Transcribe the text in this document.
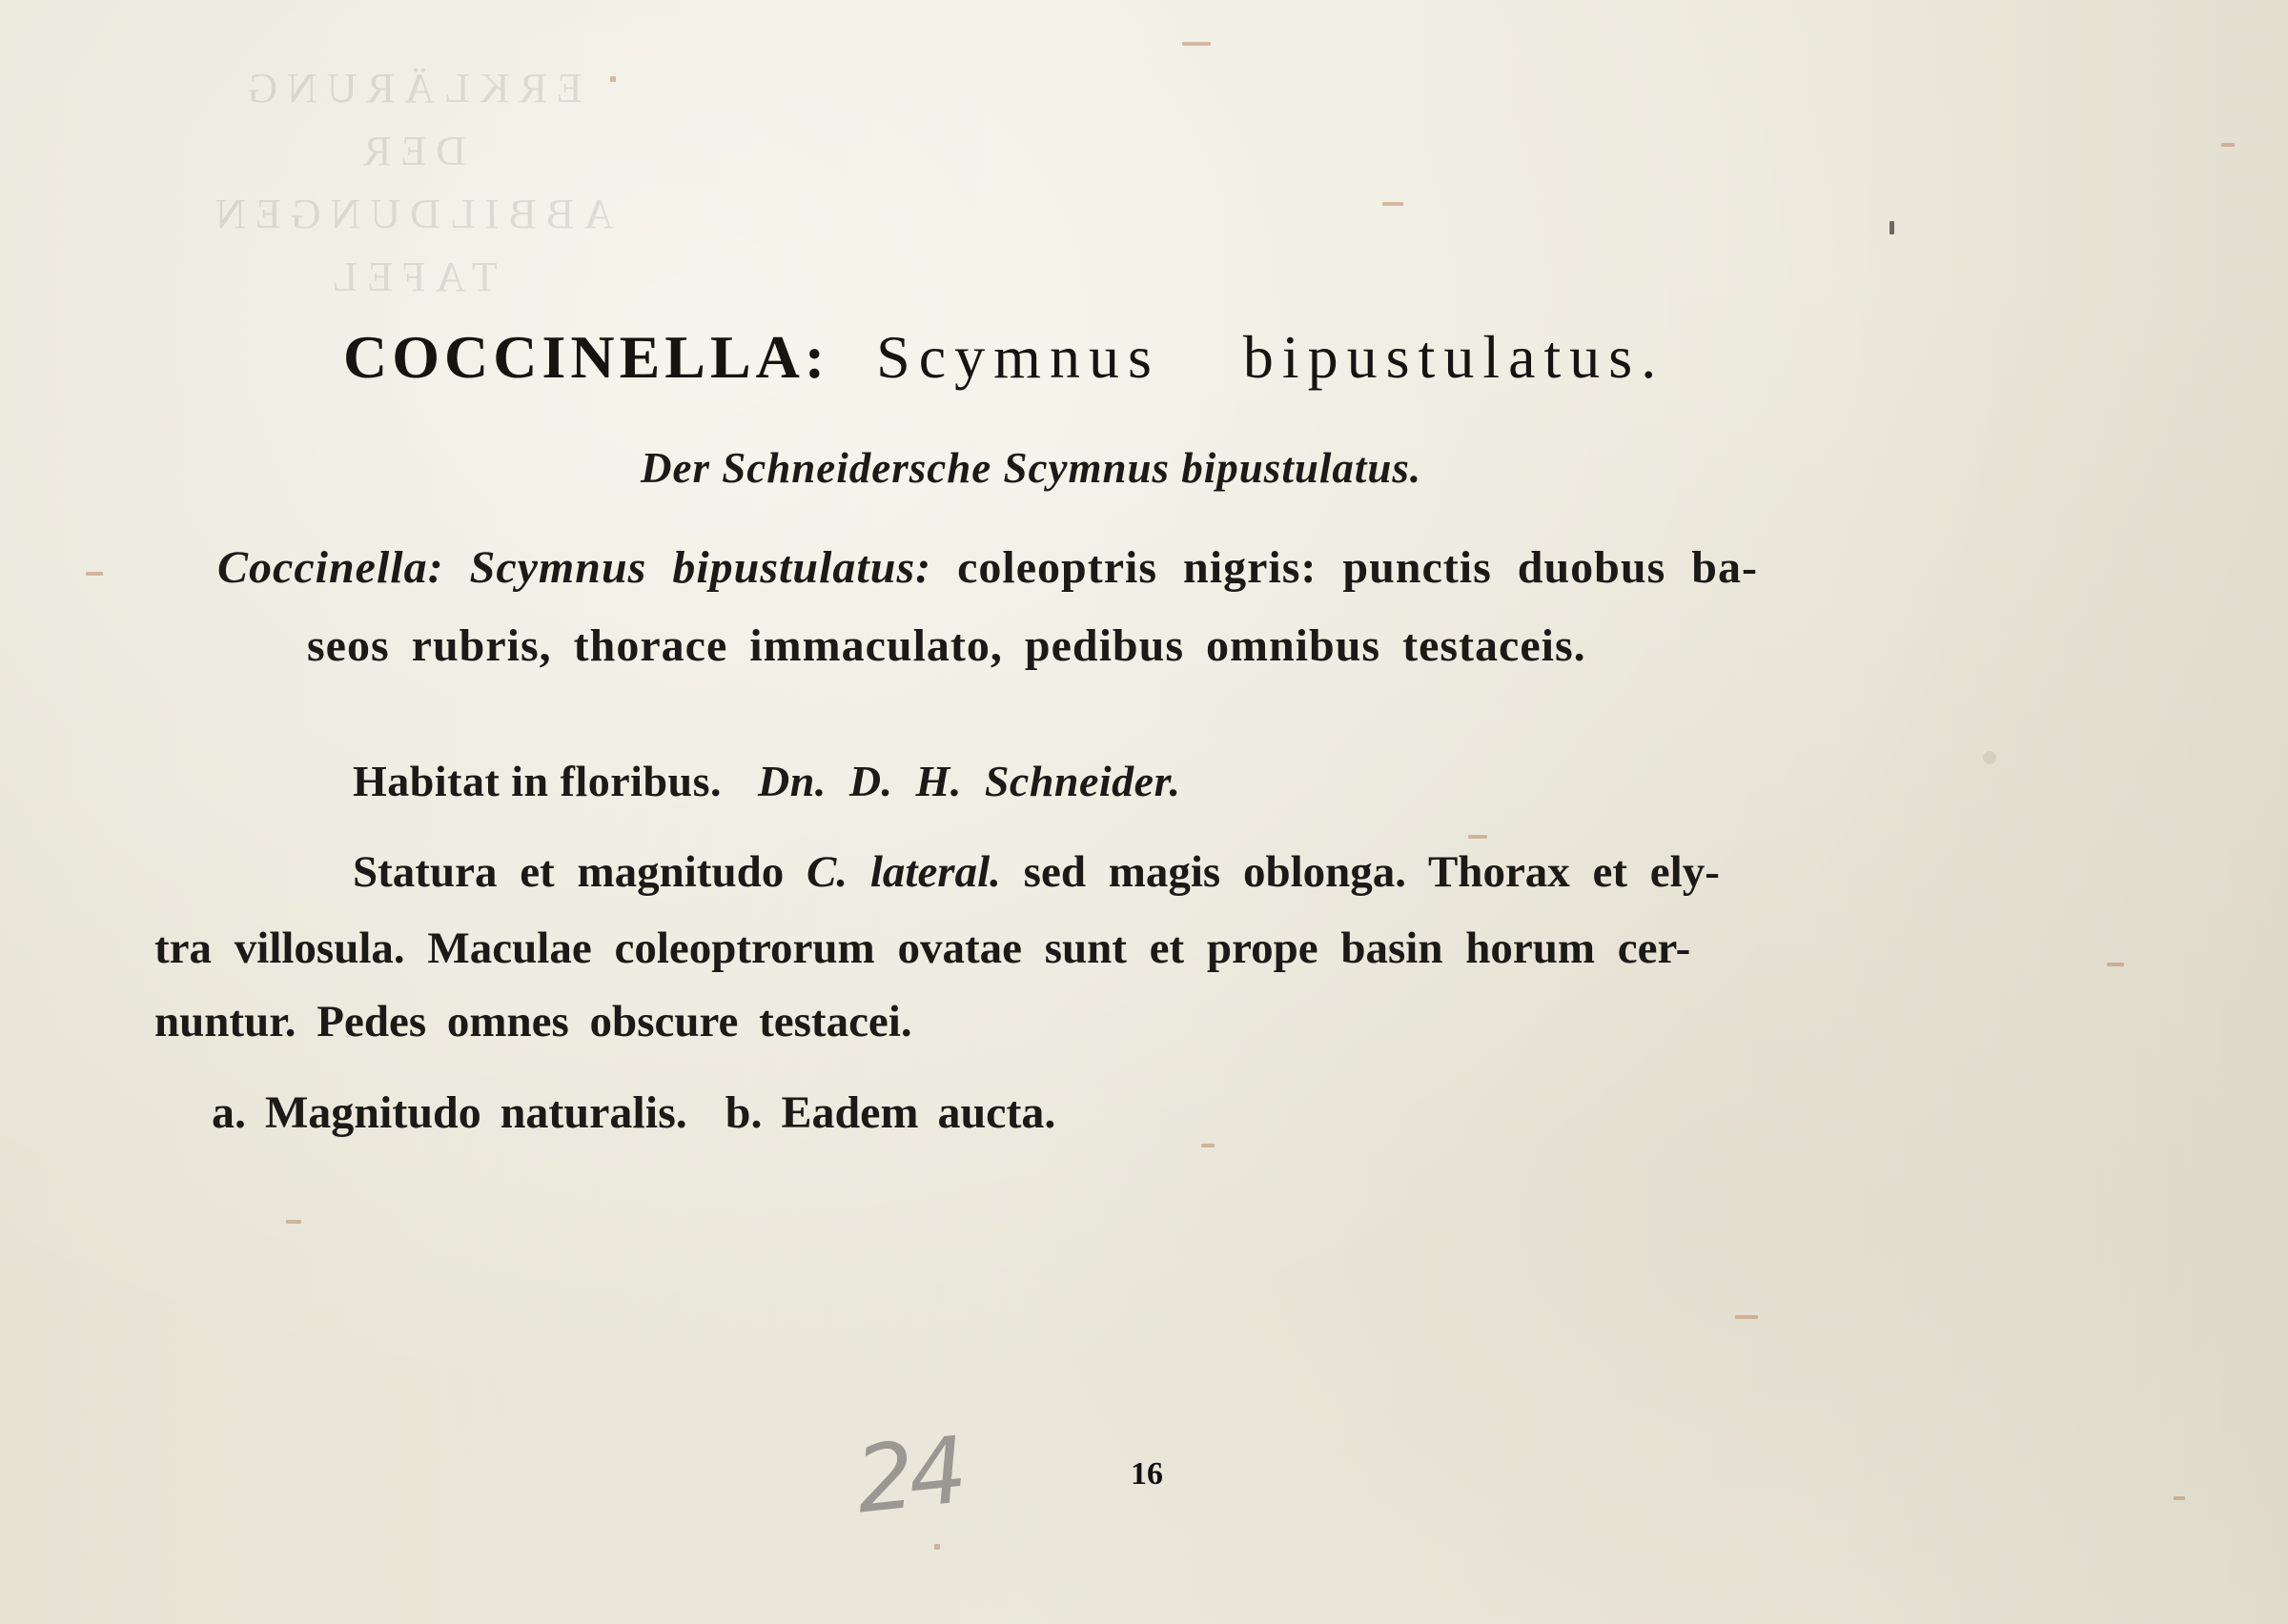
ERKLÄRUNG
DER
ABBILDUNGEN
TAFEL
COCCINELLA: Scymnus bipustulatus.

Der Schneidersche Scymnus bipustulatus.

Coccinella: Scymnus bipustulatus: coleoptris nigris: punctis duobus ba-

seos rubris, thorace immaculato, pedibus omnibus testaceis.

Habitat in floribus. Dn. D. H. Schneider.

Statura et magnitudo C. lateral. sed magis oblonga. Thorax et ely-

tra villosula. Maculae coleoptrorum ovatae sunt et prope basin horum cer-

nuntur. Pedes omnes obscure testacei.

a. Magnitudo naturalis. b. Eadem aucta.

24	16
